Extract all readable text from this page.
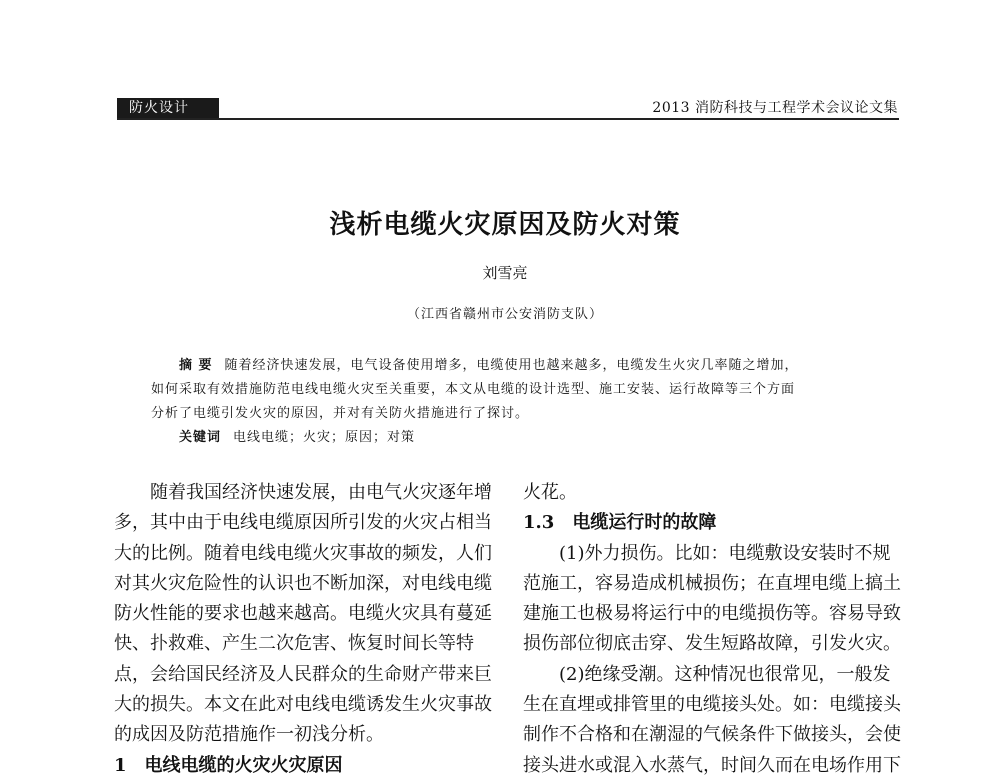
防火设计	2013 消防科技与工程学术会议论文集
浅析电缆火灾原因及防火对策
刘雪亮
（江西省赣州市公安消防支队）
摘 要 随着经济快速发展，电气设备使用增多，电缆使用也越来越多，电缆发生火灾几率随之增加，
如何采取有效措施防范电线电缆火灾至关重要，本文从电缆的设计选型、施工安装、运行故障等三个方面
分析了电缆引发火灾的原因，并对有关防火措施进行了探讨。
关键词 电线电缆；火灾；原因；对策
随着我国经济快速发展，由电气火灾逐年增
多，其中由于电线电缆原因所引发的火灾占相当
大的比例。随着电线电缆火灾事故的频发，人们
对其火灾危险性的认识也不断加深，对电线电缆
防火性能的要求也越来越高。电缆火灾具有蔓延
快、扑救难、产生二次危害、恢复时间长等特
点，会给国民经济及人民群众的生命财产带来巨
大的损失。本文在此对电线电缆诱发生火灾事故
的成因及防范措施作一初浅分析。
1　电线电缆的火灾火灾原因
火花。
1.3　电缆运行时的故障
(1)外力损伤。比如：电缆敷设安装时不规
范施工，容易造成机械损伤；在直埋电缆上搞土
建施工也极易将运行中的电缆损伤等。容易导致
损伤部位彻底击穿、发生短路故障，引发火灾。
(2)绝缘受潮。这种情况也很常见，一般发
生在直埋或排管里的电缆接头处。如：电缆接头
制作不合格和在潮湿的气候条件下做接头，会使
接头进水或混入水蒸气，时间久而在电场作用下
